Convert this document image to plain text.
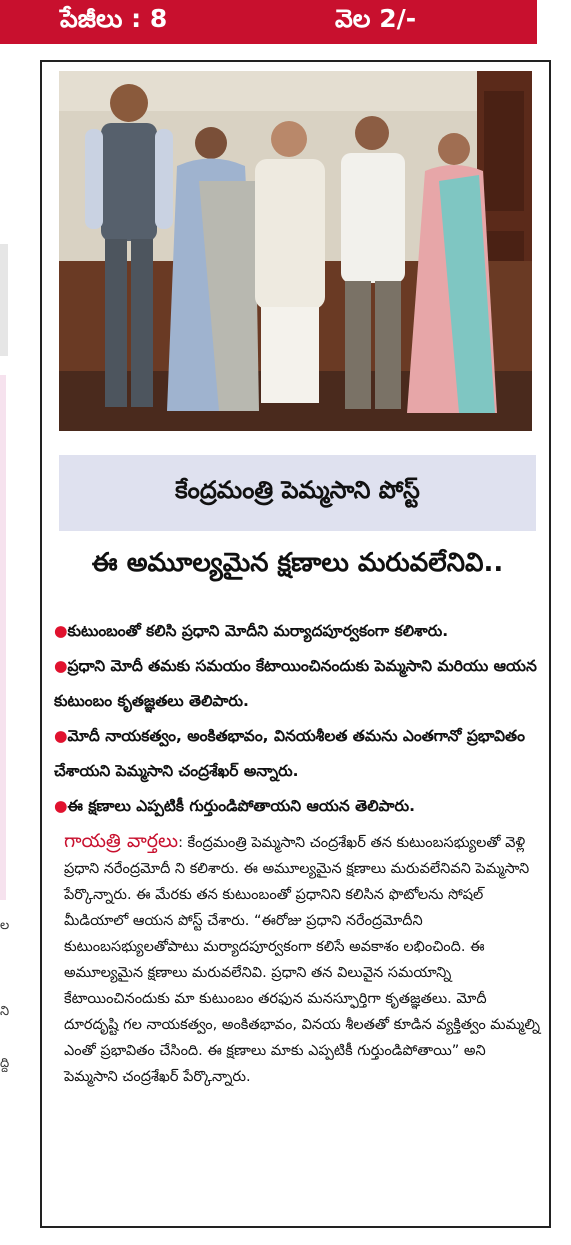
పేజీలు : 8	వెల 2/-
ల
ని
ద్ది
కేంద్రమంత్రి పెమ్మసాని పోస్ట్
ఈ అమూల్యమైన క్షణాలు మరువలేనివి..
●కుటుంబంతో కలిసి ప్రధాని మోదీని మర్యాదపూర్వకంగా కలిశారు.
●ప్రధాని మోదీ తమకు సమయం కేటాయించినందుకు పెమ్మసాని మరియు ఆయన కుటుంబం కృతజ్ఞతలు తెలిపారు.
●మోదీ నాయకత్వం, అంకితభావం, వినయశీలత తమను ఎంతగానో ప్రభావితం చేశాయని పెమ్మసాని చంద్రశేఖర్ అన్నారు.
●ఈ క్షణాలు ఎప్పటికీ గుర్తుండిపోతాయని ఆయన తెలిపారు.
గాయత్రి వార్తలు: కేంద్రమంత్రి పెమ్మసాని చంద్రశేఖర్ తన కుటుంబసభ్యులతో వెళ్లి ప్రధాని నరేంద్రమోదీ ని కలిశారు. ఈ అమూల్యమైన క్షణాలు మరువలేనివని పెమ్మసాని పేర్కొన్నారు. ఈ మేరకు తన కుటుంబంతో ప్రధానిని కలిసిన ఫొటోలను సోషల్ మీడియాలో ఆయన పోస్ట్ చేశారు. “ఈరోజు ప్రధాని నరేంద్రమోదీని కుటుంబసభ్యులతోపాటు మర్యాదపూర్వకంగా కలిసే అవకాశం లభించింది. ఈ అమూల్యమైన క్షణాలు మరువలేనివి. ప్రధాని తన విలువైన సమయాన్ని కేటాయించినందుకు మా కుటుంబం తరఫున మనస్ఫూర్తిగా కృతజ్ఞతలు. మోదీ దూరదృష్టి గల నాయకత్వం, అంకితభావం, వినయ శీలతతో కూడిన వ్యక్తిత్వం మమ్మల్ని ఎంతో ప్రభావితం చేసింది. ఈ క్షణాలు మాకు ఎప్పటికీ గుర్తుండిపోతాయి” అని పెమ్మసాని చంద్రశేఖర్ పేర్కొన్నారు.
